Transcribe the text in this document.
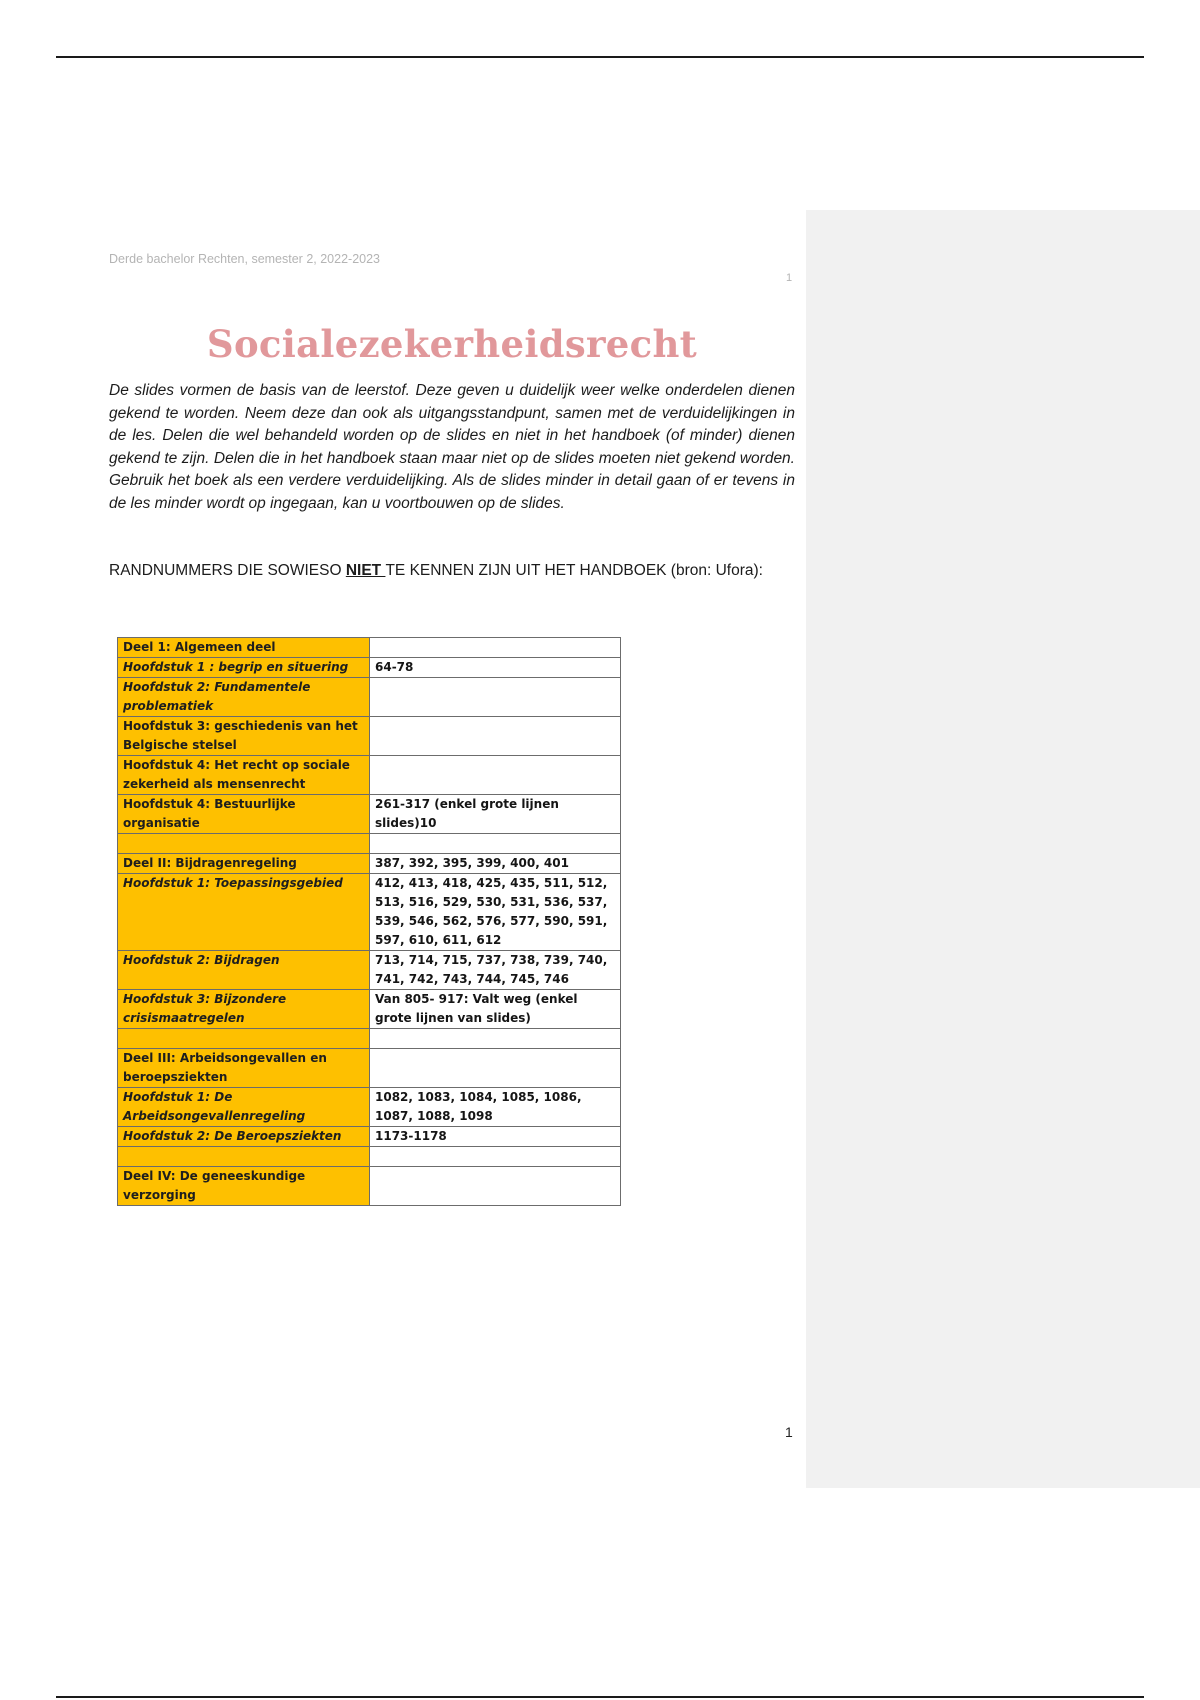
Derde bachelor Rechten, semester 2, 2022-2023
1
Socialezekerheidsrecht

De slides vormen de basis van de leerstof. Deze geven u duidelijk weer welke onderdelen dienen gekend te worden. Neem deze dan ook als uitgangsstandpunt, samen met de verduidelijkingen in de les. Delen die wel behandeld worden op de slides en niet in het handboek (of minder) dienen gekend te zijn. Delen die in het handboek staan maar niet op de slides moeten niet gekend worden. Gebruik het boek als een verdere verduidelijking. Als de slides minder in detail gaan of er tevens in de les minder wordt op ingegaan, kan u voortbouwen op de slides.

RANDNUMMERS DIE SOWIESO NIET TE KENNEN ZIJN UIT HET HANDBOEK (bron: Ufora):

Deel 1: Algemeen deel	
Hoofdstuk 1 : begrip en situering	64-78
Hoofdstuk 2: Fundamentele problematiek	
Hoofdstuk 3: geschiedenis van het Belgische stelsel	
Hoofdstuk 4: Het recht op sociale zekerheid als mensenrecht	
Hoofdstuk 4: Bestuurlijke organisatie	261-317 (enkel grote lijnen slides)10

Deel II: Bijdragenregeling	387, 392, 395, 399, 400, 401
Hoofdstuk 1: Toepassingsgebied	412, 413, 418, 425, 435, 511, 512, 513, 516, 529, 530, 531, 536, 537, 539, 546, 562, 576, 577, 590, 591, 597, 610, 611, 612
Hoofdstuk 2: Bijdragen	713, 714, 715, 737, 738, 739, 740, 741, 742, 743, 744, 745, 746
Hoofdstuk 3: Bijzondere crisismaatregelen	Van 805- 917: Valt weg (enkel grote lijnen van slides)

Deel III: Arbeidsongevallen en beroepsziekten	
Hoofdstuk 1: De Arbeidsongevallenregeling	1082, 1083, 1084, 1085, 1086, 1087, 1088, 1098
Hoofdstuk 2: De Beroepsziekten	1173-1178

Deel IV: De geneeskundige verzorging	
1
